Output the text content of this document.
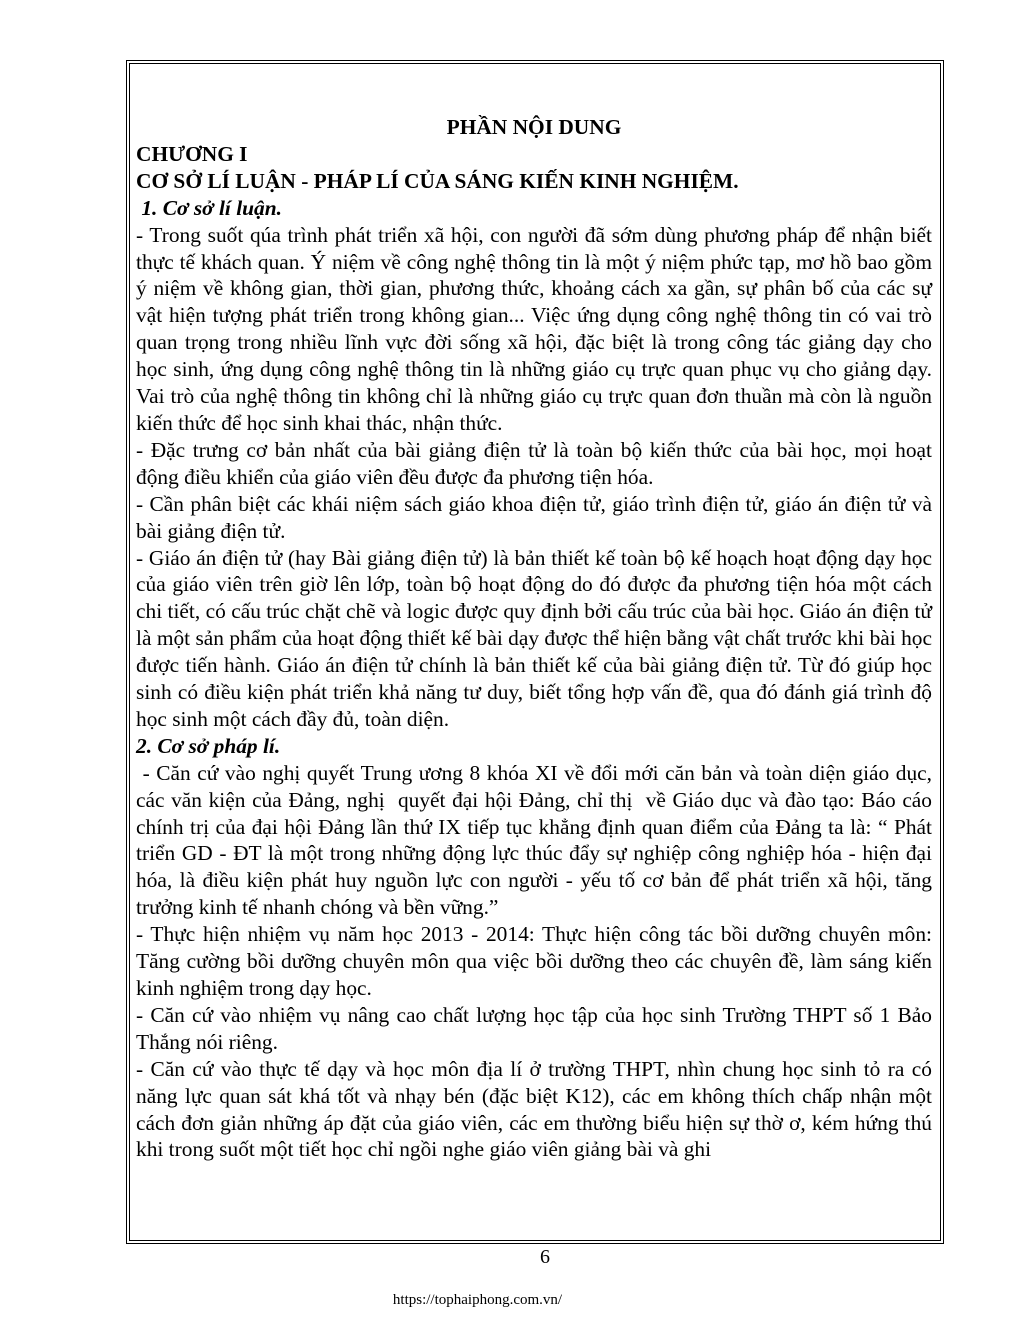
PHẦN NỘI DUNG

CHƯƠNG I

CƠ SỞ LÍ LUẬN - PHÁP LÍ CỦA SÁNG KIẾN KINH NGHIỆM.

1. Cơ sở lí luận.

- Trong suốt qúa trình phát triển xã hội, con người đã sớm dùng phương pháp để nhận biết thực tế khách quan. Ý niệm về công nghệ thông tin là một ý niệm phức tạp, mơ hồ bao gồm ý niệm về không gian, thời gian, phương thức, khoảng cách xa gần, sự phân bố của các sự vật hiện tượng phát triển trong không gian... Việc ứng dụng công nghệ thông tin có vai trò quan trọng trong nhiều lĩnh vực đời sống xã hội, đặc biệt là trong công tác giảng dạy cho học sinh, ứng dụng công nghệ thông tin là những giáo cụ trực quan phục vụ cho giảng dạy. Vai trò của nghệ thông tin không chỉ là những giáo cụ trực quan đơn thuần mà còn là nguồn kiến thức để học sinh khai thác, nhận thức.

- Đặc trưng cơ bản nhất của bài giảng điện tử là toàn bộ kiến thức của bài học, mọi hoạt động điều khiển của giáo viên đều được đa phương tiện hóa.

- Cần phân biệt các khái niệm sách giáo khoa điện tử, giáo trình điện tử, giáo án điện tử và bài giảng điện tử.

- Giáo án điện tử (hay Bài giảng điện tử) là bản thiết kế toàn bộ kế hoạch hoạt động dạy học của giáo viên trên giờ lên lớp, toàn bộ hoạt động do đó được đa phương tiện hóa một cách chi tiết, có cấu trúc chặt chẽ và logic được quy định bởi cấu trúc của bài học. Giáo án điện tử là một sản phẩm của hoạt động thiết kế bài dạy được thể hiện bằng vật chất trước khi bài học được tiến hành. Giáo án điện tử chính là bản thiết kế của bài giảng điện tử. Từ đó giúp học sinh có điều kiện phát triển khả năng tư duy, biết tổng hợp vấn đề, qua đó đánh giá trình độ học sinh một cách đầy đủ, toàn diện.

2. Cơ sở pháp lí.

- Căn cứ vào nghị quyết Trung ương 8 khóa XI về đổi mới căn bản và toàn diện giáo dục, các văn kiện của Đảng, nghị  quyết đại hội Đảng, chỉ thị  về Giáo dục và đào tạo: Báo cáo chính trị của đại hội Đảng lần thứ IX tiếp tục khẳng định quan điểm của Đảng ta là: “ Phát triển GD - ĐT là một trong những động lực thúc đẩy sự nghiệp công nghiệp hóa - hiện đại hóa, là điều kiện phát huy nguồn lực con người - yếu tố cơ bản để phát triển xã hội, tăng trưởng kinh tế nhanh chóng và bền vững.”

- Thực hiện nhiệm vụ năm học 2013 - 2014: Thực hiện công tác bồi dưỡng chuyên môn: Tăng cường bồi dưỡng chuyên môn qua việc bồi dưỡng theo các chuyên đề, làm sáng kiến kinh nghiệm trong dạy học.

- Căn cứ vào nhiệm vụ nâng cao chất lượng học tập của học sinh Trường THPT số 1 Bảo Thắng nói riêng.

- Căn cứ vào thực tế dạy và học môn địa lí ở trường THPT, nhìn chung học sinh tỏ ra có năng lực quan sát khá tốt và nhạy bén (đặc biệt K12), các em không thích chấp nhận một cách đơn giản những áp đặt của giáo viên, các em thường biểu hiện sự thờ ơ, kém hứng thú khi trong suốt một tiết học chỉ ngồi nghe giáo viên giảng bài và ghi

6
https://tophaiphong.com.vn/
